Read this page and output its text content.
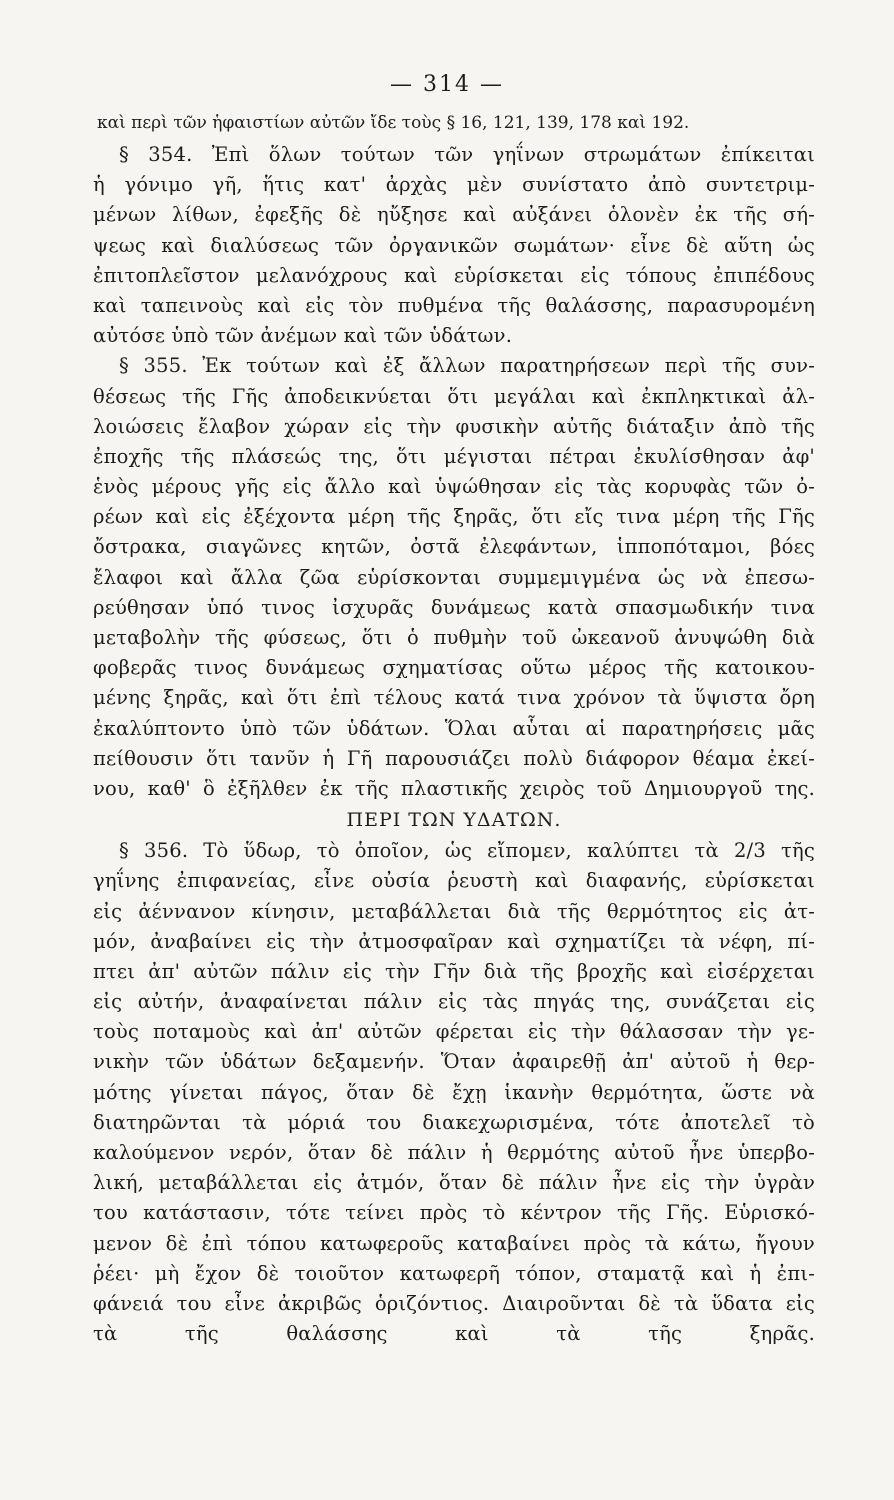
— 314 —
καὶ περὶ τῶν ἡφαιστίων αὐτῶν ἴδε τοὺς § 16, 121, 139, 178 καὶ 192.
§ 354. Ἐπὶ ὅλων τούτων τῶν γηΐνων στρωμάτων ἐπίκειται
ἡ γόνιμο γῆ, ἥτις κατ' ἀρχὰς μὲν συνίστατο ἀπὸ συντετριμ-
μένων λίθων, ἐφεξῆς δὲ ηὔξησε καὶ αὐξάνει ὁλονὲν ἐκ τῆς σή-
ψεως καὶ διαλύσεως τῶν ὀργανικῶν σωμάτων· εἶνε δὲ αὕτη ὡς
ἐπιτοπλεῖστον μελανόχρους καὶ εὑρίσκεται εἰς τόπους ἐπιπέδους
καὶ ταπεινοὺς καὶ εἰς τὸν πυθμένα τῆς θαλάσσης, παρασυρομένη
αὐτόσε ὑπὸ τῶν ἀνέμων καὶ τῶν ὑδάτων.
§ 355. Ἐκ τούτων καὶ ἐξ ἄλλων παρατηρήσεων περὶ τῆς συν-
θέσεως τῆς Γῆς ἀποδεικνύεται ὅτι μεγάλαι καὶ ἐκπληκτικαὶ ἀλ-
λοιώσεις ἔλαβον χώραν εἰς τὴν φυσικὴν αὐτῆς διάταξιν ἀπὸ τῆς
ἐποχῆς τῆς πλάσεώς της, ὅτι μέγισται πέτραι ἐκυλίσθησαν ἀφ'
ἑνὸς μέρους γῆς εἰς ἄλλο καὶ ὑψώθησαν εἰς τὰς κορυφὰς τῶν ὀ-
ρέων καὶ εἰς ἐξέχοντα μέρη τῆς ξηρᾶς, ὅτι εἴς τινα μέρη τῆς Γῆς
ὄστρακα, σιαγῶνες κητῶν, ὀστᾶ ἐλεφάντων, ἱπποπόταμοι, βόες
ἔλαφοι καὶ ἄλλα ζῶα εὑρίσκονται συμμεμιγμένα ὡς νὰ ἐπεσω-
ρεύθησαν ὑπό τινος ἰσχυρᾶς δυνάμεως κατὰ σπασμωδικήν τινα
μεταβολὴν τῆς φύσεως, ὅτι ὁ πυθμὴν τοῦ ὠκεανοῦ ἀνυψώθη διὰ
φοβερᾶς τινος δυνάμεως σχηματίσας οὕτω μέρος τῆς κατοικου-
μένης ξηρᾶς, καὶ ὅτι ἐπὶ τέλους κατά τινα χρόνον τὰ ὕψιστα ὄρη
ἐκαλύπτοντο ὑπὸ τῶν ὑδάτων. Ὅλαι αὗται αἱ παρατηρήσεις μᾶς
πείθουσιν ὅτι τανῦν ἡ Γῆ παρουσιάζει πολὺ διάφορον θέαμα ἐκεί-
νου, καθ' ὃ ἐξῆλθεν ἐκ τῆς πλαστικῆς χειρὸς τοῦ Δημιουργοῦ της.
ΠΕΡΙ ΤΩΝ ΥΔΑΤΩΝ.
§ 356. Τὸ ὕδωρ, τὸ ὁποῖον, ὡς εἴπομεν, καλύπτει τὰ 2/3 τῆς
γηΐνης ἐπιφανείας, εἶνε οὐσία ῥευστὴ καὶ διαφανής, εὑρίσκεται
εἰς ἀέννανον κίνησιν, μεταβάλλεται διὰ τῆς θερμότητος εἰς ἀτ-
μόν, ἀναβαίνει εἰς τὴν ἀτμοσφαῖραν καὶ σχηματίζει τὰ νέφη, πί-
πτει ἀπ' αὐτῶν πάλιν εἰς τὴν Γῆν διὰ τῆς βροχῆς καὶ εἰσέρχεται
εἰς αὐτήν, ἀναφαίνεται πάλιν εἰς τὰς πηγάς της, συνάζεται εἰς
τοὺς ποταμοὺς καὶ ἀπ' αὐτῶν φέρεται εἰς τὴν θάλασσαν τὴν γε-
νικὴν τῶν ὑδάτων δεξαμενήν. Ὅταν ἀφαιρεθῇ ἀπ' αὐτοῦ ἡ θερ-
μότης γίνεται πάγος, ὅταν δὲ ἔχῃ ἱκανὴν θερμότητα, ὥστε νὰ
διατηρῶνται τὰ μόριά του διακεχωρισμένα, τότε ἀποτελεῖ τὸ
καλούμενον νερόν, ὅταν δὲ πάλιν ἡ θερμότης αὐτοῦ ἦνε ὑπερβο-
λική, μεταβάλλεται εἰς ἀτμόν, ὅταν δὲ πάλιν ἦνε εἰς τὴν ὑγρὰν
του κατάστασιν, τότε τείνει πρὸς τὸ κέντρον τῆς Γῆς. Εὑρισκό-
μενον δὲ ἐπὶ τόπου κατωφεροῦς καταβαίνει πρὸς τὰ κάτω, ἤγουν
ῥέει· μὴ ἔχον δὲ τοιοῦτον κατωφερῆ τόπον, σταματᾷ καὶ ἡ ἐπι-
φάνειά του εἶνε ἀκριβῶς ὁριζόντιος. Διαιροῦνται δὲ τὰ ὕδατα εἰς
τὰ τῆς θαλάσσης καὶ τὰ τῆς ξηρᾶς.
